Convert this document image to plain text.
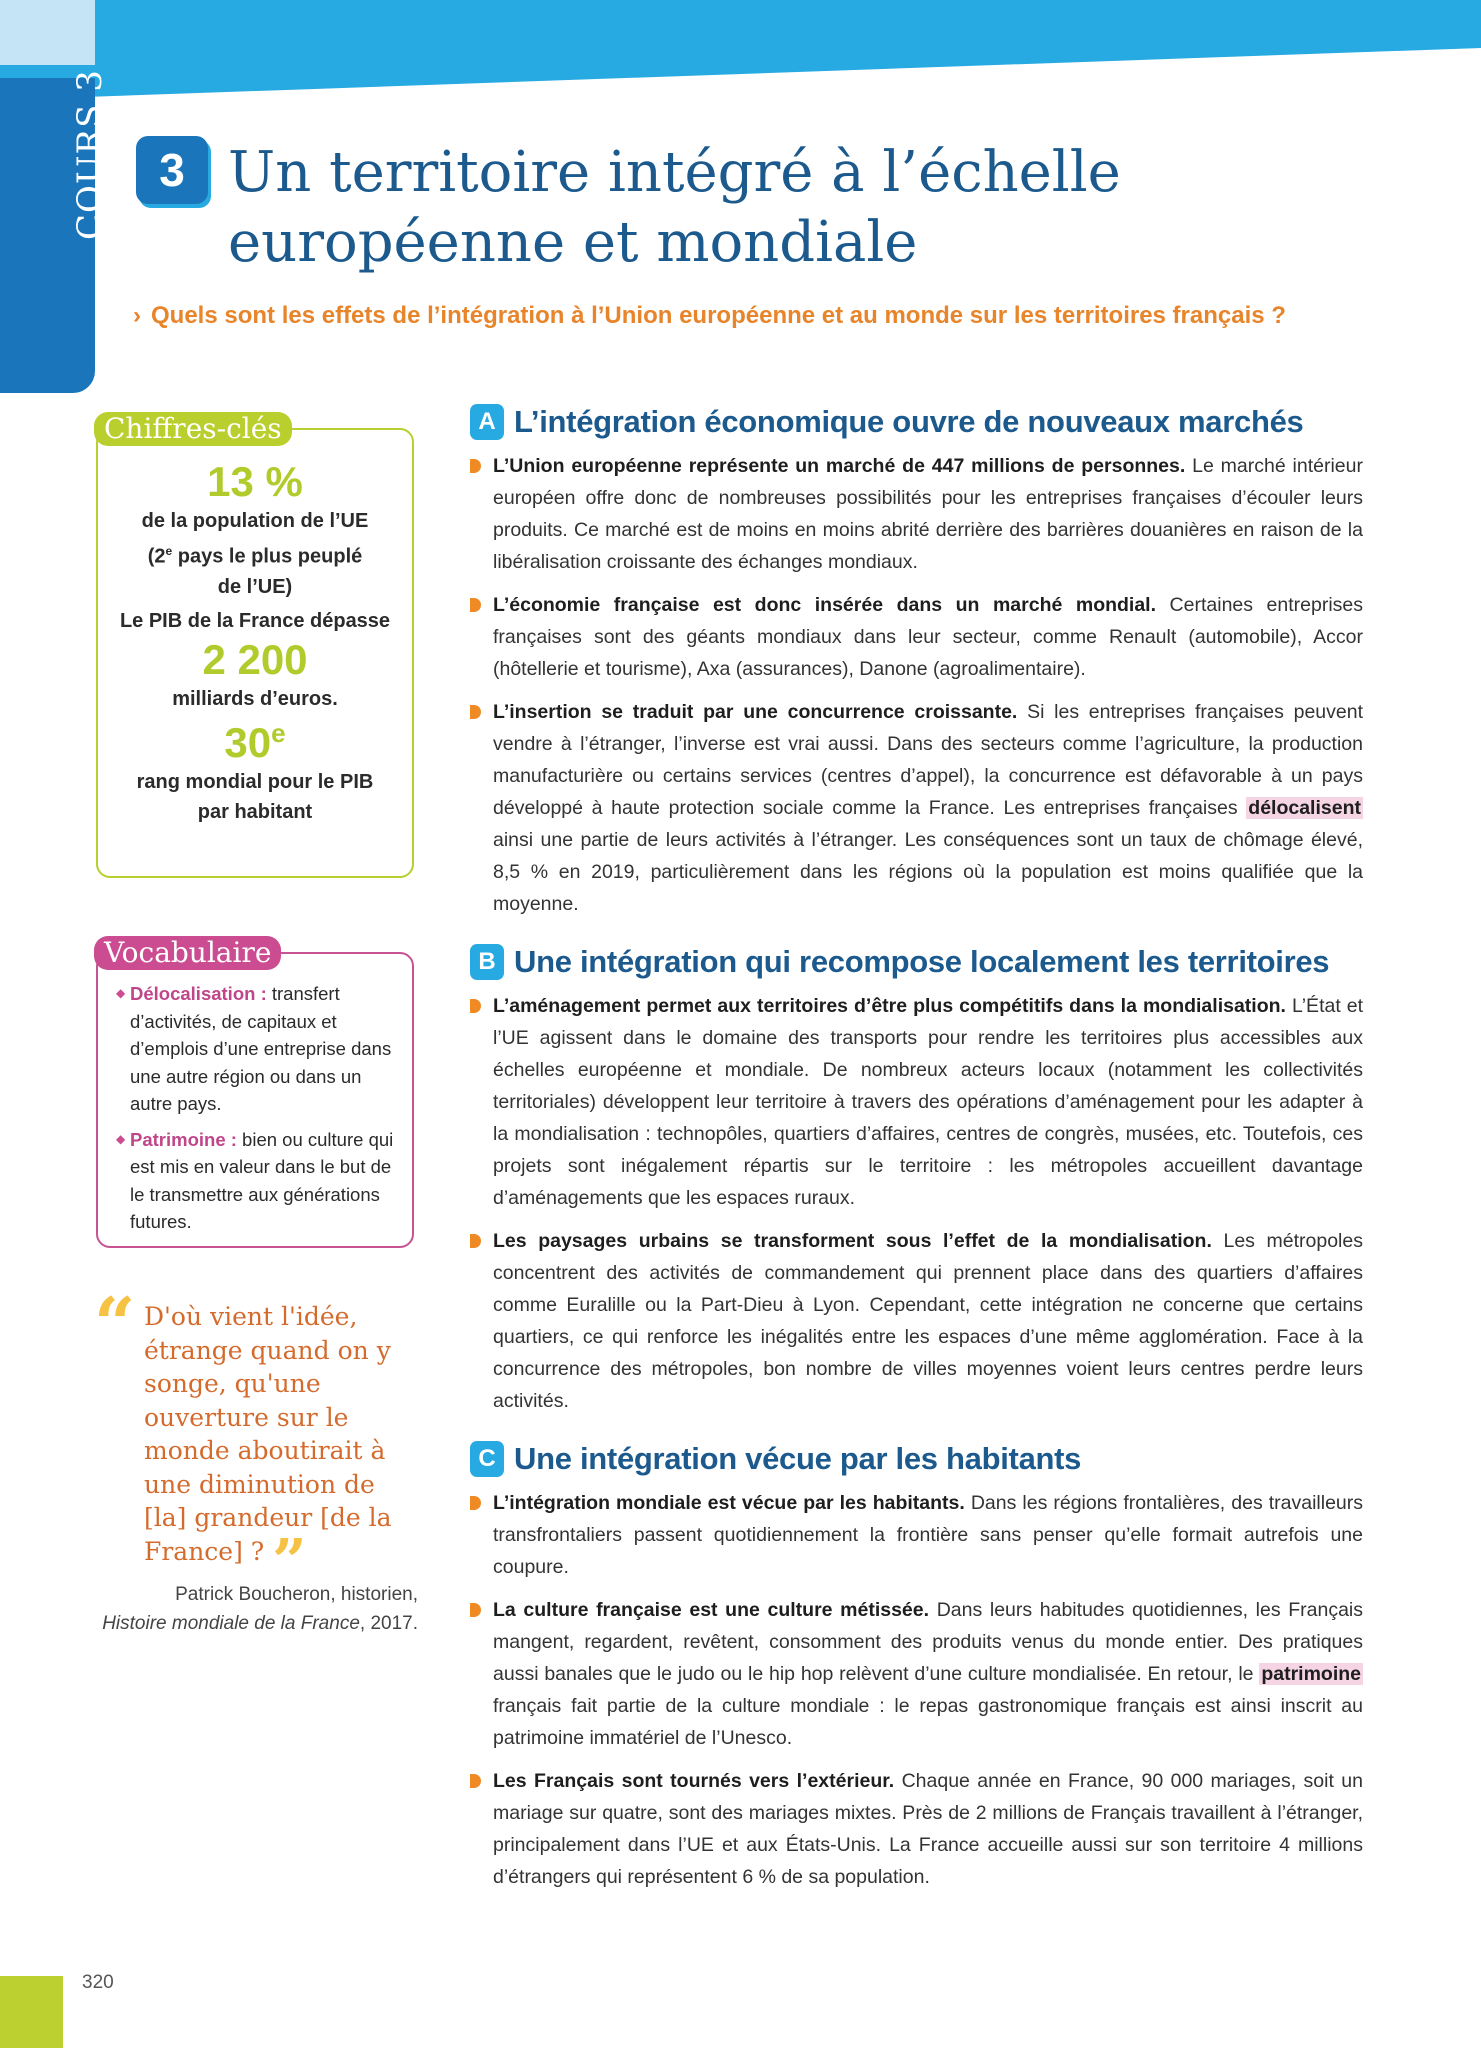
COURS 3	3 Un territoire intégré à l’échelle européenne et mondiale
› Quels sont les effets de l’intégration à l’Union européenne et au monde sur les territoires français ?
Chiffres-clés

13 %

de la population de l’UE

(2e pays le plus peuplé

de l’UE)

Le PIB de la France dépasse

2 200

milliards d’euros.

30e

rang mondial pour le PIB

par habitant

Vocabulaire

◆ Délocalisation : transfert d’activités, de capitaux et d’emplois d’une entreprise dans une autre région ou dans un autre pays.

◆ Patrimoine : bien ou culture qui est mis en valeur dans le but de le transmettre aux générations futures.

“ D'où vient l'idée, étrange quand on y songe, qu'une ouverture sur le monde aboutirait à une diminution de [la] grandeur [de la France] ? ”

Patrick Boucheron, historien,
Histoire mondiale de la France, 2017.
A L’intégration économique ouvre de nouveaux marchés

L’Union européenne représente un marché de 447 millions de personnes. Le marché intérieur européen offre donc de nombreuses possibilités pour les entreprises françaises d’écouler leurs produits. Ce marché est de moins en moins abrité derrière des barrières douanières en raison de la libéralisation croissante des échanges mondiaux.

L’économie française est donc insérée dans un marché mondial. Certaines entreprises françaises sont des géants mondiaux dans leur secteur, comme Renault (automobile), Accor (hôtellerie et tourisme), Axa (assurances), Danone (agroalimentaire).

L’insertion se traduit par une concurrence croissante. Si les entreprises françaises peuvent vendre à l’étranger, l’inverse est vrai aussi. Dans des secteurs comme l’agriculture, la production manufacturière ou certains services (centres d’appel), la concurrence est défavorable à un pays développé à haute protection sociale comme la France. Les entreprises françaises délocalisent ainsi une partie de leurs activités à l’étranger. Les conséquences sont un taux de chômage élevé, 8,5 % en 2019, particulièrement dans les régions où la population est moins qualifiée que la moyenne.

B Une intégration qui recompose localement les territoires

L’aménagement permet aux territoires d’être plus compétitifs dans la mondialisation. L’État et l’UE agissent dans le domaine des transports pour rendre les territoires plus accessibles aux échelles européenne et mondiale. De nombreux acteurs locaux (notamment les collectivités territoriales) développent leur territoire à travers des opérations d’aménagement pour les adapter à la mondialisation : technopôles, quartiers d’affaires, centres de congrès, musées, etc. Toutefois, ces projets sont inégalement répartis sur le territoire : les métropoles accueillent davantage d’aménagements que les espaces ruraux.

Les paysages urbains se transforment sous l’effet de la mondialisation. Les métropoles concentrent des activités de commandement qui prennent place dans des quartiers d’affaires comme Euralille ou la Part-Dieu à Lyon. Cependant, cette intégration ne concerne que certains quartiers, ce qui renforce les inégalités entre les espaces d’une même agglomération. Face à la concurrence des métropoles, bon nombre de villes moyennes voient leurs centres perdre leurs activités.

C Une intégration vécue par les habitants

L’intégration mondiale est vécue par les habitants. Dans les régions frontalières, des travailleurs transfrontaliers passent quotidiennement la frontière sans penser qu’elle formait autrefois une coupure.

La culture française est une culture métissée. Dans leurs habitudes quotidiennes, les Français mangent, regardent, revêtent, consomment des produits venus du monde entier. Des pratiques aussi banales que le judo ou le hip hop relèvent d’une culture mondialisée. En retour, le patrimoine français fait partie de la culture mondiale : le repas gastronomique français est ainsi inscrit au patrimoine immatériel de l’Unesco.

Les Français sont tournés vers l’extérieur. Chaque année en France, 90 000 mariages, soit un mariage sur quatre, sont des mariages mixtes. Près de 2 millions de Français travaillent à l’étranger, principalement dans l’UE et aux États-Unis. La France accueille aussi sur son territoire 4 millions d’étrangers qui représentent 6 % de sa population.

320
